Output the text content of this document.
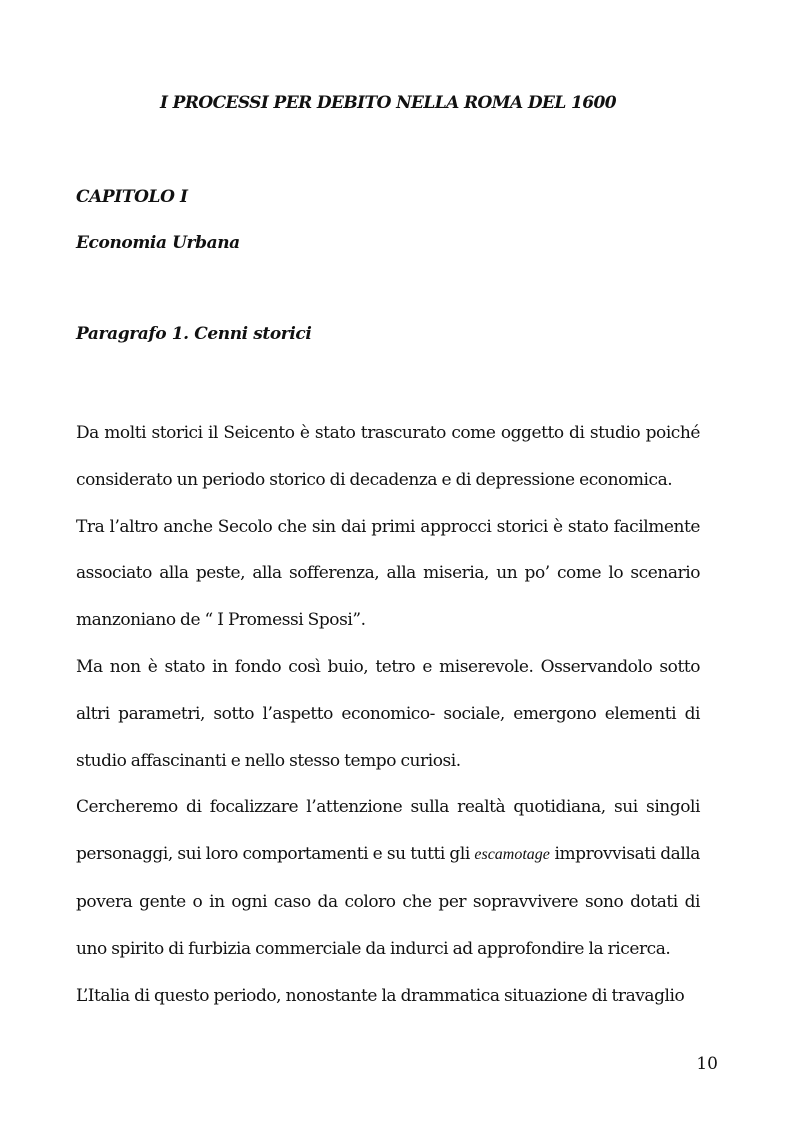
I PROCESSI PER DEBITO NELLA ROMA DEL 1600
CAPITOLO I
Economia Urbana
Paragrafo 1. Cenni storici

Da molti storici il Seicento è stato trascurato come oggetto di studio poiché considerato un periodo storico di decadenza e di depressione economica.

Tra l’altro anche Secolo che sin dai primi approcci storici è stato facilmente associato alla peste, alla sofferenza, alla miseria, un po’ come lo scenario manzoniano de “ I Promessi Sposi”.

Ma non è stato in fondo così buio, tetro e miserevole. Osservandolo sotto altri parametri, sotto l’aspetto economico- sociale, emergono elementi di studio affascinanti e nello stesso tempo curiosi.

Cercheremo di focalizzare l’attenzione sulla realtà quotidiana, sui singoli personaggi, sui loro comportamenti e su tutti gli escamotage improvvisati dalla povera gente o in ogni caso da coloro che per sopravvivere sono dotati di uno spirito di furbizia commerciale da indurci ad approfondire la ricerca.

L’Italia di questo periodo, nonostante la drammatica situazione di travaglio

10
